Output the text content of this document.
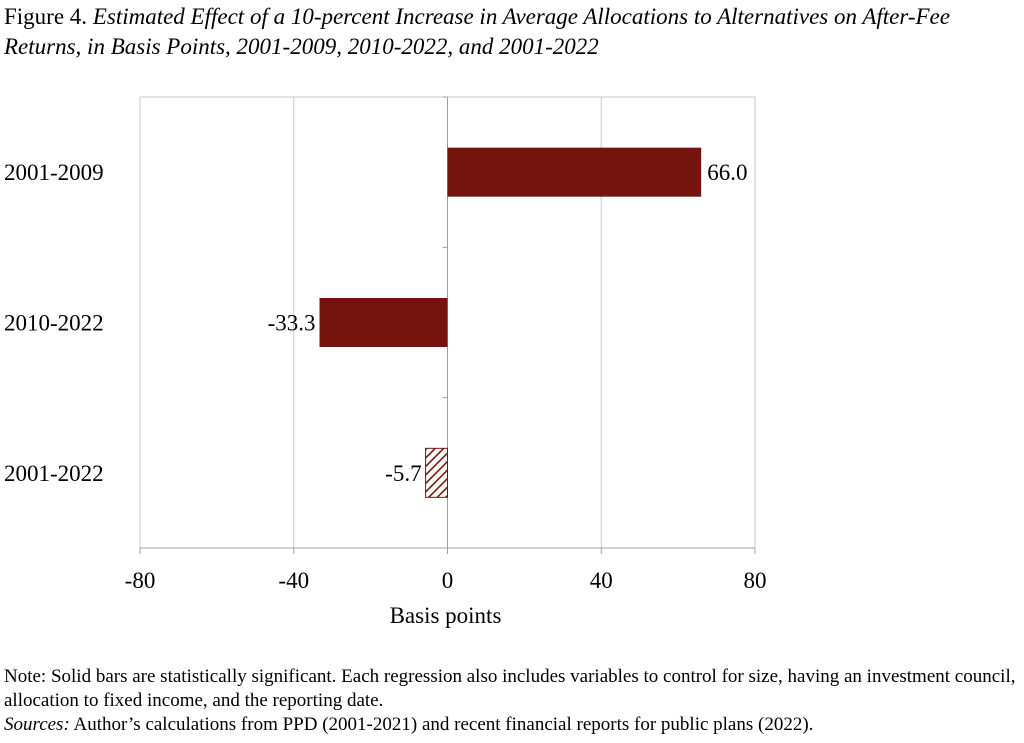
Figure 4. Estimated Effect of a 10-percent Increase in Average Allocations to Alternatives on After-Fee Returns, in Basis Points, 2001-2009, 2010-2022, and 2001-2022
-80	-40	0	40	80
Basis points
2001-2009	66.0
2010-2022	-33.3
2001-2022	-5.7
Note: Solid bars are statistically significant. Each regression also includes variables to control for size, having an investment council, allocation to fixed income, and the reporting date.
Sources: Author’s calculations from PPD (2001-2021) and recent financial reports for public plans (2022).
